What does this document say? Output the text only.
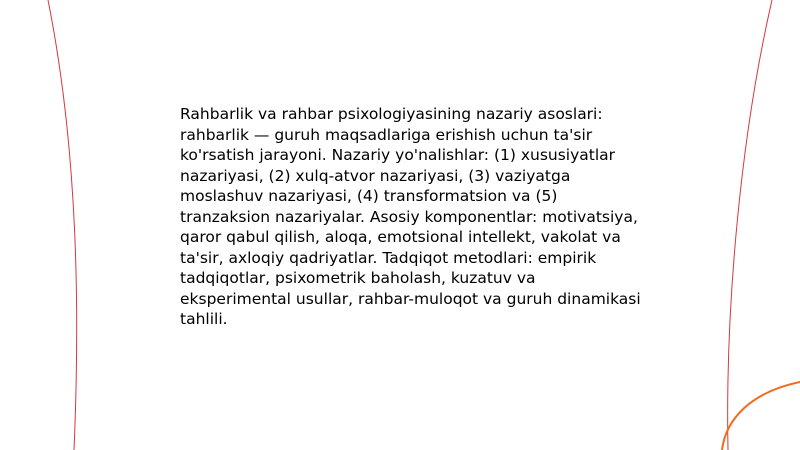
Rahbarlik va rahbar psixologiyasining nazariy asoslari: rahbarlik — guruh maqsadlariga erishish uchun ta'sir ko'rsatish jarayoni. Nazariy yo'nalishlar: (1) xususiyatlar nazariyasi, (2) xulq-atvor nazariyasi, (3) vaziyatga moslashuv nazariyasi, (4) transformatsion va (5) tranzaksion nazariyalar. Asosiy komponentlar: motivatsiya, qaror qabul qilish, aloqa, emotsional intellekt, vakolat va ta'sir, axloqiy qadriyatlar. Tadqiqot metodlari: empirik tadqiqotlar, psixometrik baholash, kuzatuv va eksperimental usullar, rahbar-muloqot va guruh dinamikasi tahlili.
